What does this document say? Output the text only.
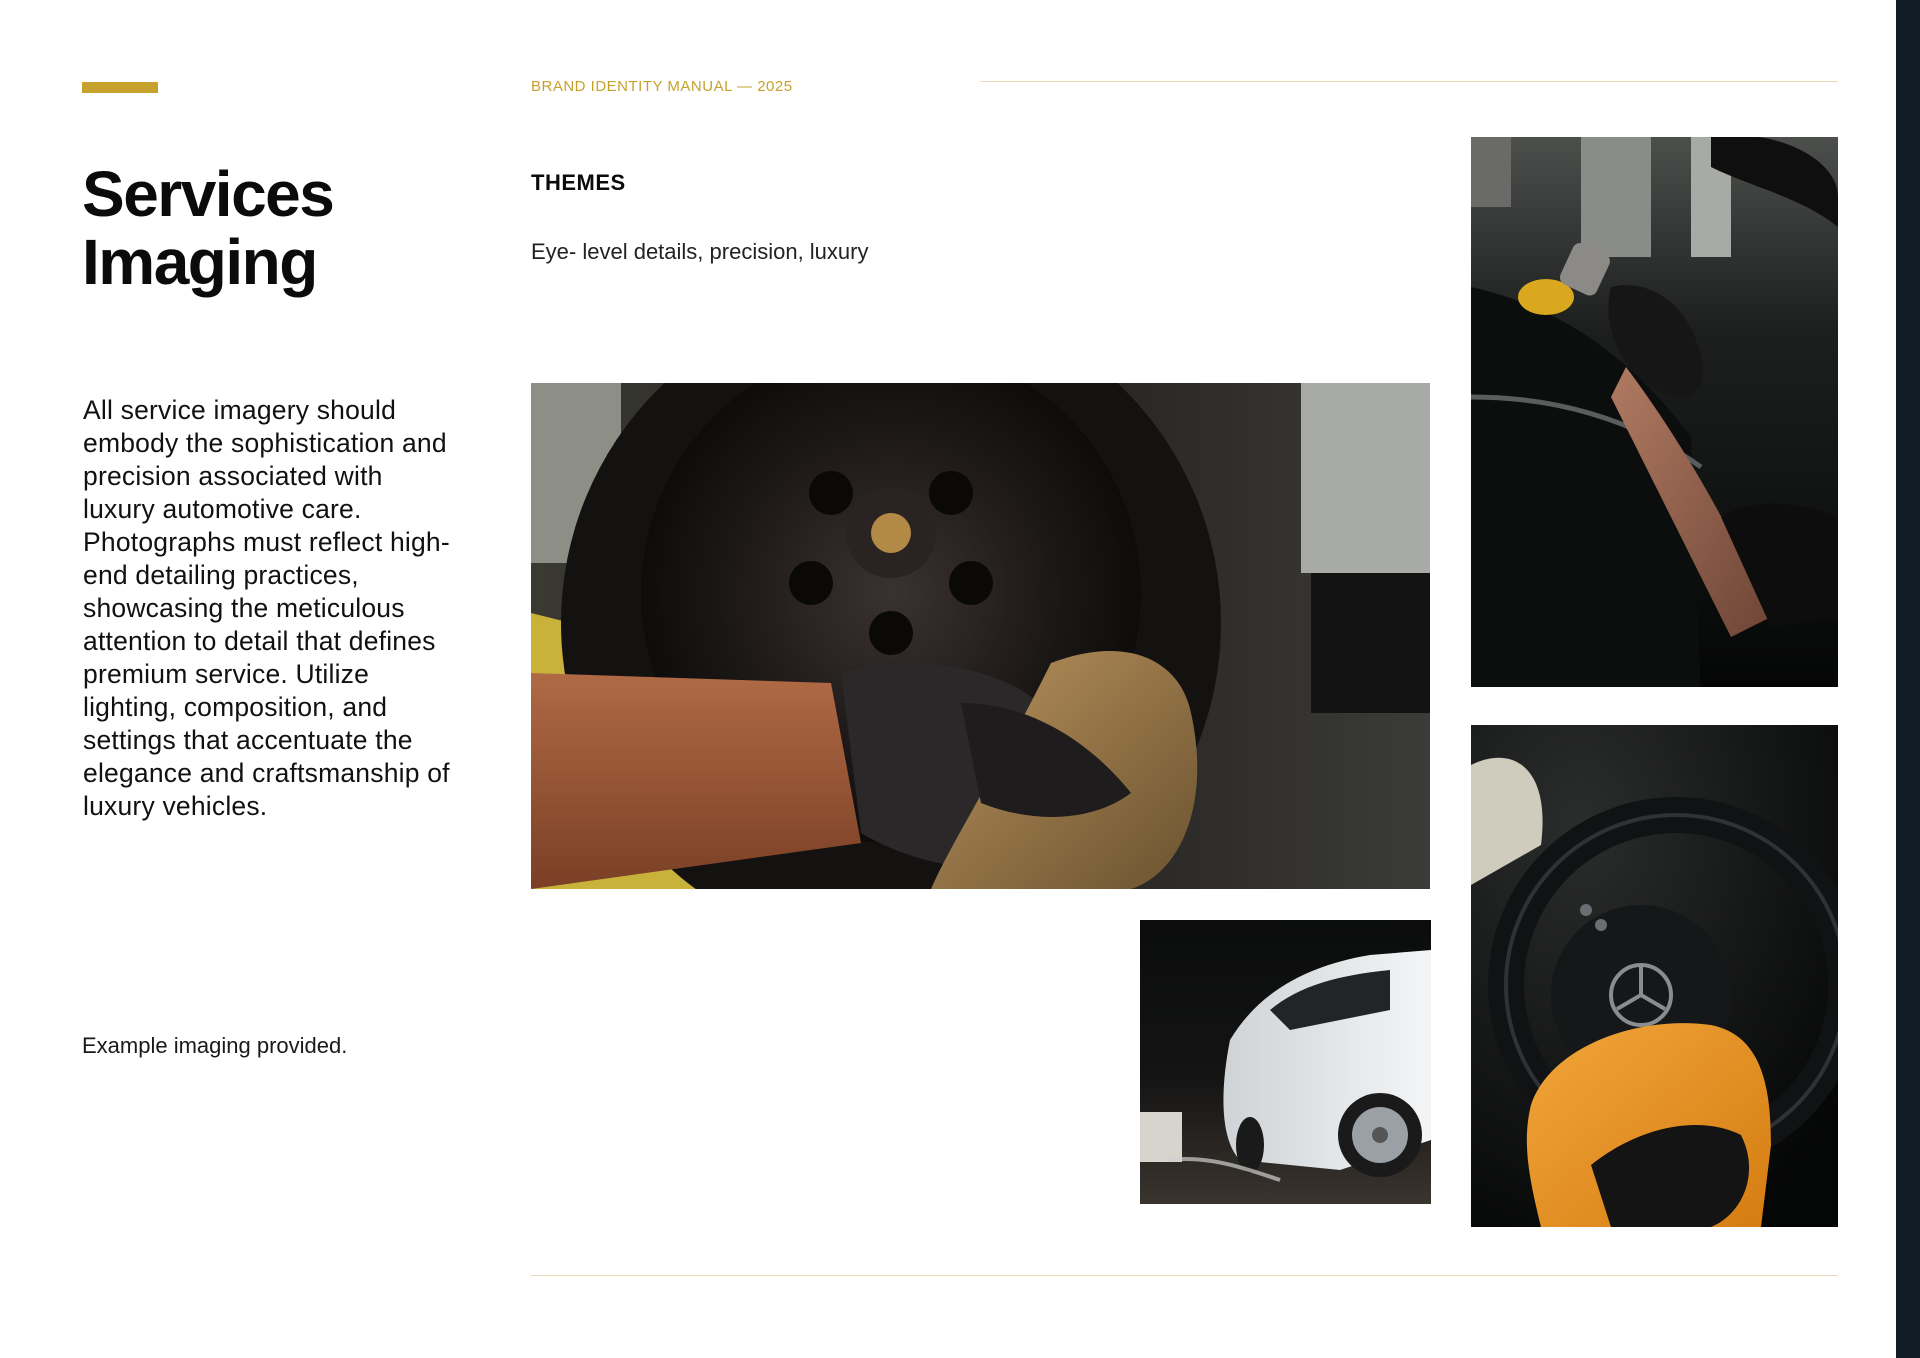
BRAND IDENTITY MANUAL — 2025
Services
Imaging

All service imagery should embody the sophistication and precision associated with luxury automotive care. Photographs must reflect high-end detailing practices, showcasing the meticulous attention to detail that defines premium service. Utilize lighting, composition, and settings that accentuate the elegance and craftsmanship of luxury vehicles.

Example imaging provided.
THEMES
Eye- level details, precision, luxury
